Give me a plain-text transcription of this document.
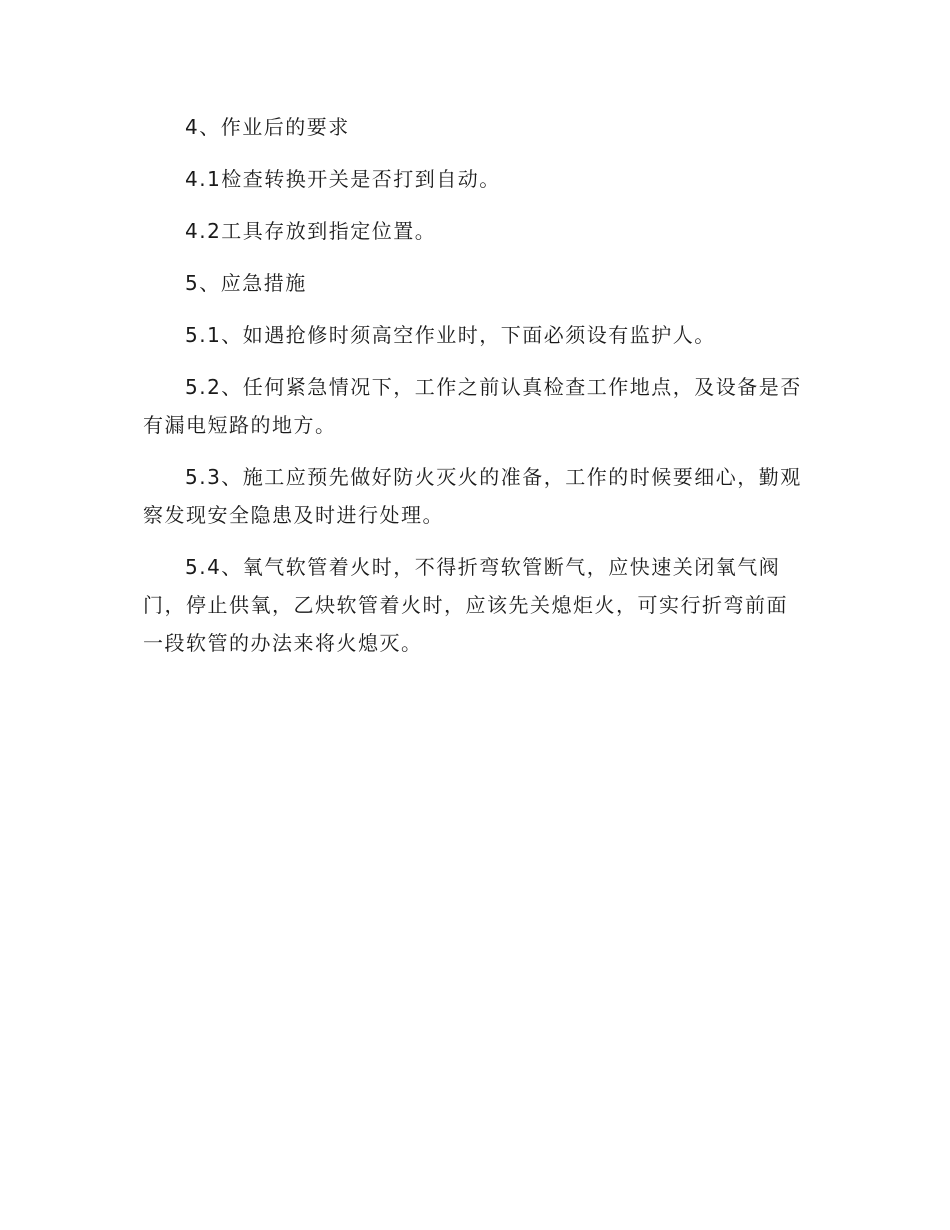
4、作业后的要求

4.1检查转换开关是否打到自动。

4.2工具存放到指定位置。

5、应急措施

5.1、如遇抢修时须高空作业时，下面必须设有监护人。

5.2、任何紧急情况下，工作之前认真检查工作地点，及设备是否
有漏电短路的地方。

5.3、施工应预先做好防火灭火的准备，工作的时候要细心，勤观
察发现安全隐患及时进行处理。

5.4、氧气软管着火时，不得折弯软管断气，应快速关闭氧气阀
门，停止供氧，乙炔软管着火时，应该先关熄炬火，可实行折弯前面
一段软管的办法来将火熄灭。
